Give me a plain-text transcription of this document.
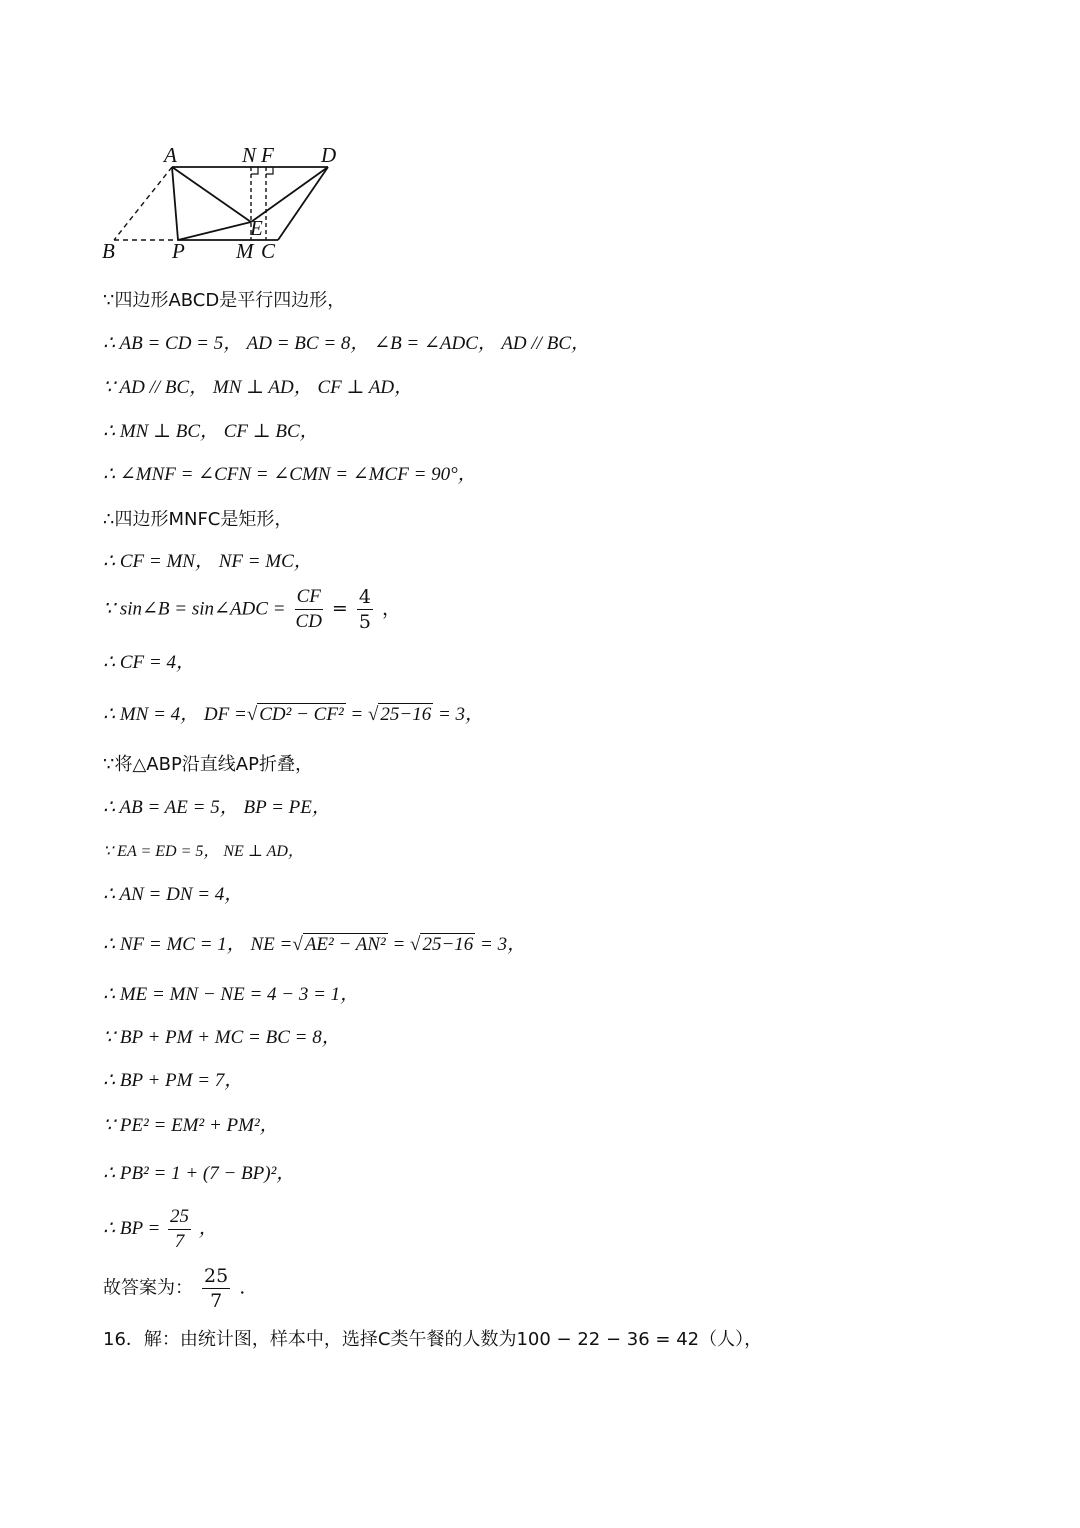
A	N F D
E
B	P M C
∵四边形ABCD是平行四边形，
∴ AB = CD = 5， AD = BC = 8， ∠B = ∠ADC， AD // BC，
∵ AD // BC， MN ⊥ AD， CF ⊥ AD，
∴ MN ⊥ BC， CF ⊥ BC，
∴ ∠MNF = ∠CFN = ∠CMN = ∠MCF = 90°，
∴四边形MNFC是矩形，
∴ CF = MN， NF = MC，
∵ sin∠B = sin∠ADC = $\frac{CF}{CD} = \frac{4}{5}$ ，
∴ CF = 4，
∴ MN = 4， DF =√ CD² − CF² = √ 25−16 = 3，
∵将△ABP沿直线AP折叠，
∴ AB = AE = 5， BP = PE，
∵ EA = ED = 5， NE ⊥ AD，
∴ AN = DN = 4，
∴ NF = MC = 1， NE =√ AE² − AN² = √ 25−16 = 3，
∴ ME = MN − NE = 4 − 3 = 1，
∵ BP + PM + MC = BC = 8，
∴ BP + PM = 7，
∵ PE² = EM² + PM²，
∴ PB² = 1 + (7 − BP)²，
∴ BP = $\frac{25}{7}$ ，
故答案为： $\frac{25}{7}$ .
16．解：由统计图，样本中，选择C类午餐的人数为100 − 22 − 36 = 42（人），
